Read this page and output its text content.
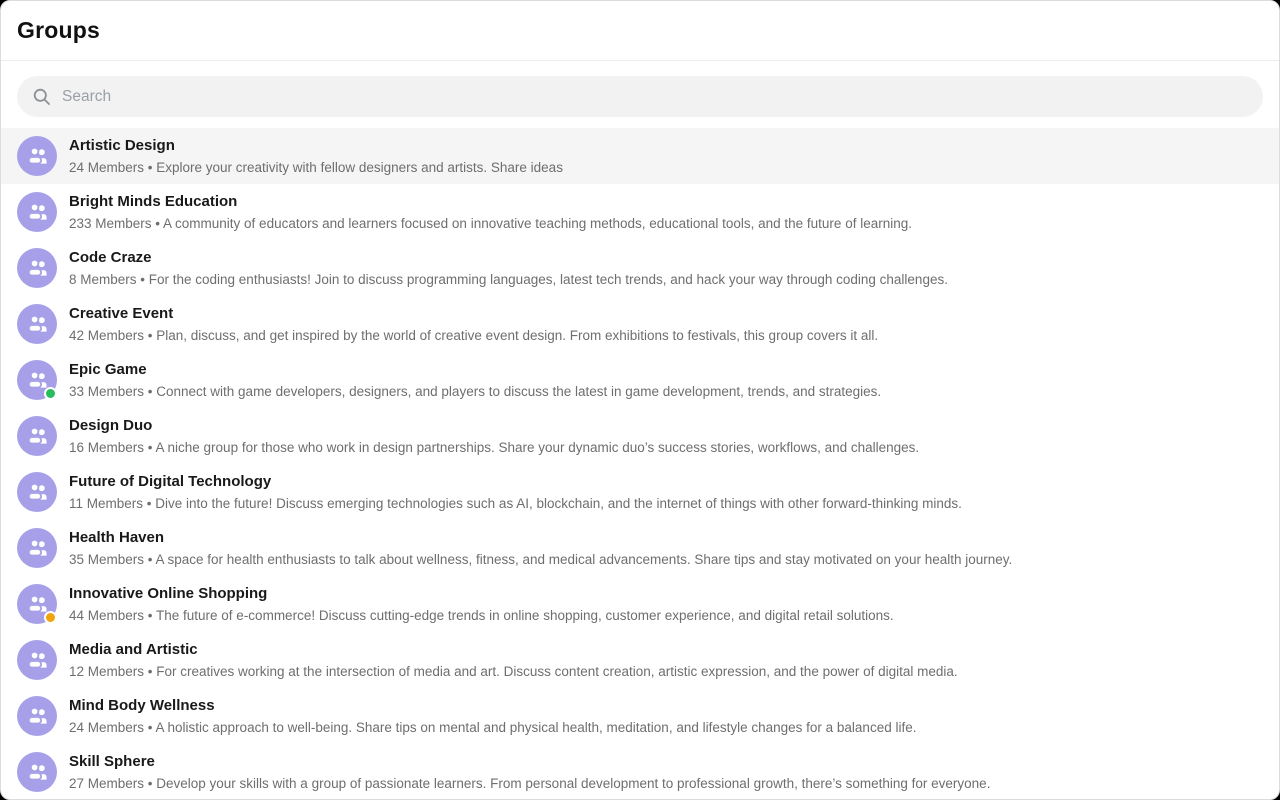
Groups
Search
Artistic Design
24 Members • Explore your creativity with fellow designers and artists. Share ideas
Bright Minds Education
233 Members • A community of educators and learners focused on innovative teaching methods, educational tools, and the future of learning.
Code Craze
8 Members • For the coding enthusiasts! Join to discuss programming languages, latest tech trends, and hack your way through coding challenges.
Creative Event
42 Members • Plan, discuss, and get inspired by the world of creative event design. From exhibitions to festivals, this group covers it all.
Epic Game
33 Members • Connect with game developers, designers, and players to discuss the latest in game development, trends, and strategies.
Design Duo
16 Members • A niche group for those who work in design partnerships. Share your dynamic duo’s success stories, workflows, and challenges.
Future of Digital Technology
11 Members • Dive into the future! Discuss emerging technologies such as AI, blockchain, and the internet of things with other forward-thinking minds.
Health Haven
35 Members • A space for health enthusiasts to talk about wellness, fitness, and medical advancements. Share tips and stay motivated on your health journey.
Innovative Online Shopping
44 Members • The future of e-commerce! Discuss cutting-edge trends in online shopping, customer experience, and digital retail solutions.
Media and Artistic
12 Members • For creatives working at the intersection of media and art. Discuss content creation, artistic expression, and the power of digital media.
Mind Body Wellness
24 Members • A holistic approach to well-being. Share tips on mental and physical health, meditation, and lifestyle changes for a balanced life.
Skill Sphere
27 Members • Develop your skills with a group of passionate learners. From personal development to professional growth, there’s something for everyone.
